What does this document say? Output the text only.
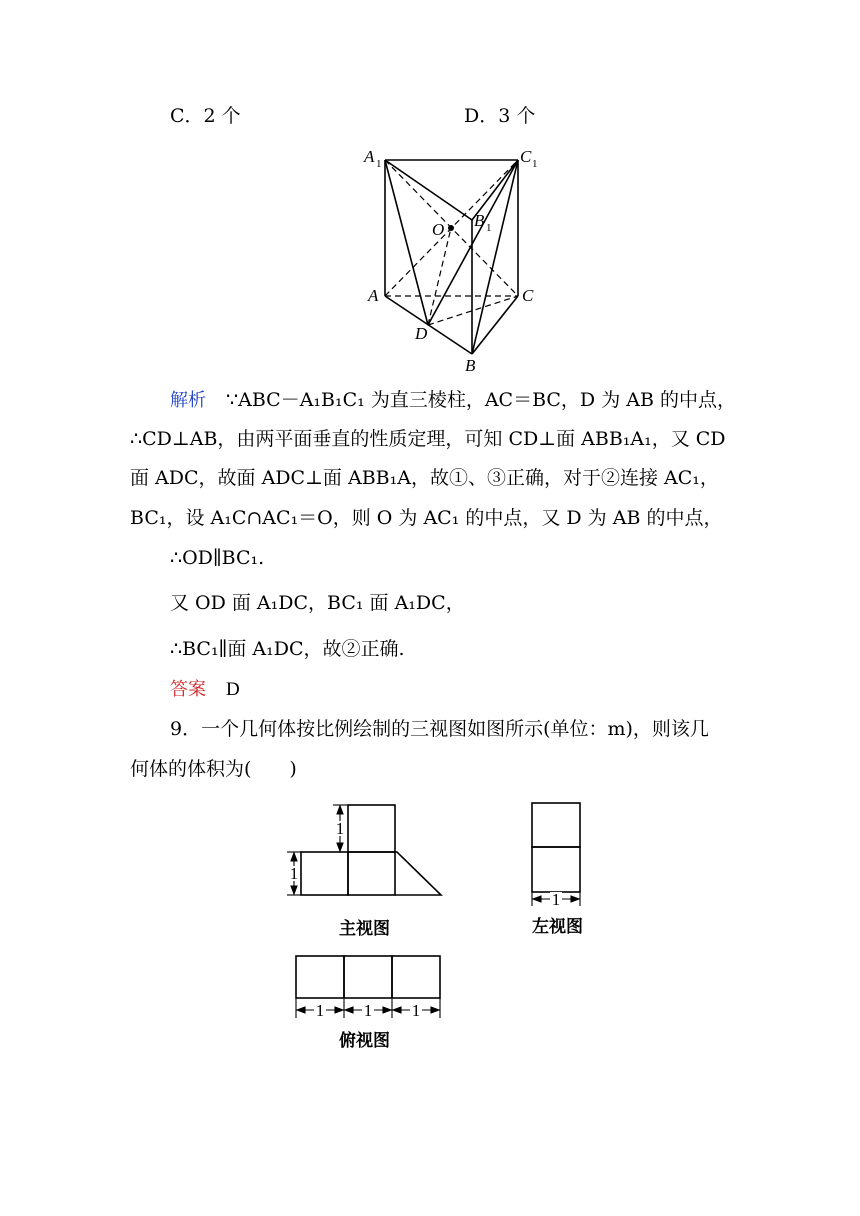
C．2 个	D．3 个
A 1	C 1
B 1
O
A	C
D
B
解析 ∵ABC－A₁B₁C₁ 为直三棱柱，AC＝BC，D 为 AB 的中点，
∴CD⊥AB，由两平面垂直的性质定理，可知 CD⊥面 ABB₁A₁，又 CD
面 ADC，故面 ADC⊥面 ABB₁A，故①、③正确，对于②连接 AC₁，
BC₁，设 A₁C∩AC₁＝O，则 O 为 AC₁ 的中点，又 D 为 AB 的中点，
∴OD∥BC₁.
又 OD 面 A₁DC，BC₁ 面 A₁DC，
∴BC₁∥面 A₁DC，故②正确.
答案 D
9．一个几何体按比例绘制的三视图如图所示(单位：m)，则该几
何体的体积为(　　)
1
1
1
1 1 1
主视图	左视图
俯视图
